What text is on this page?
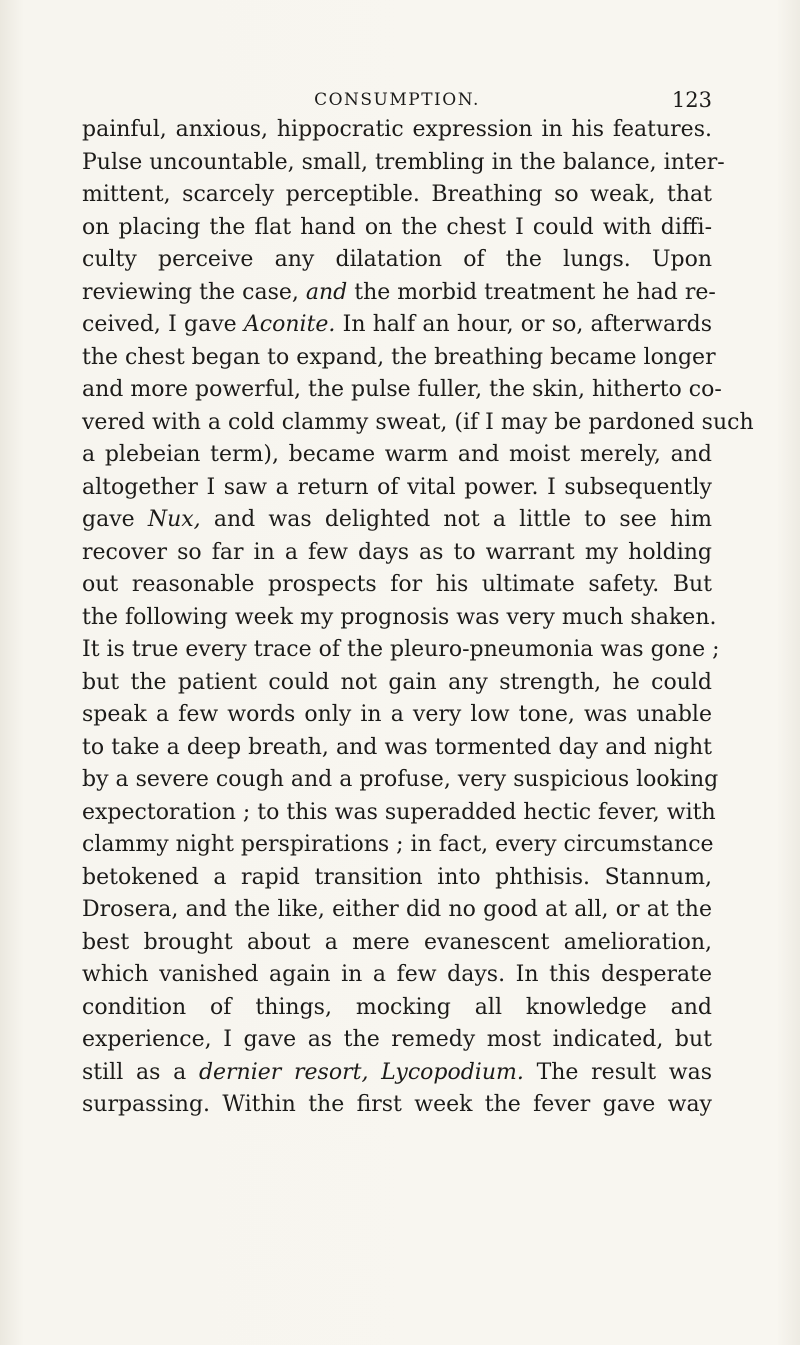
CONSUMPTION.	123
painful, anxious, hippocratic expression in his features.
Pulse uncountable, small, trembling in the balance, inter-
mittent, scarcely perceptible. Breathing so weak, that
on placing the flat hand on the chest I could with diffi-
culty perceive any dilatation of the lungs. Upon
reviewing the case, and the morbid treatment he had re-
ceived, I gave Aconite. In half an hour, or so, afterwards
the chest began to expand, the breathing became longer
and more powerful, the pulse fuller, the skin, hitherto co-
vered with a cold clammy sweat, (if I may be pardoned such
a plebeian term), became warm and moist merely, and
altogether I saw a return of vital power. I subsequently
gave Nux, and was delighted not a little to see him
recover so far in a few days as to warrant my holding
out reasonable prospects for his ultimate safety. But
the following week my prognosis was very much shaken.
It is true every trace of the pleuro-pneumonia was gone ;
but the patient could not gain any strength, he could
speak a few words only in a very low tone, was unable
to take a deep breath, and was tormented day and night
by a severe cough and a profuse, very suspicious looking
expectoration ; to this was superadded hectic fever, with
clammy night perspirations ; in fact, every circumstance
betokened a rapid transition into phthisis. Stannum,
Drosera, and the like, either did no good at all, or at the
best brought about a mere evanescent amelioration,
which vanished again in a few days. In this desperate
condition of things, mocking all knowledge and
experience, I gave as the remedy most indicated, but
still as a dernier resort, Lycopodium. The result was
surpassing. Within the first week the fever gave way
